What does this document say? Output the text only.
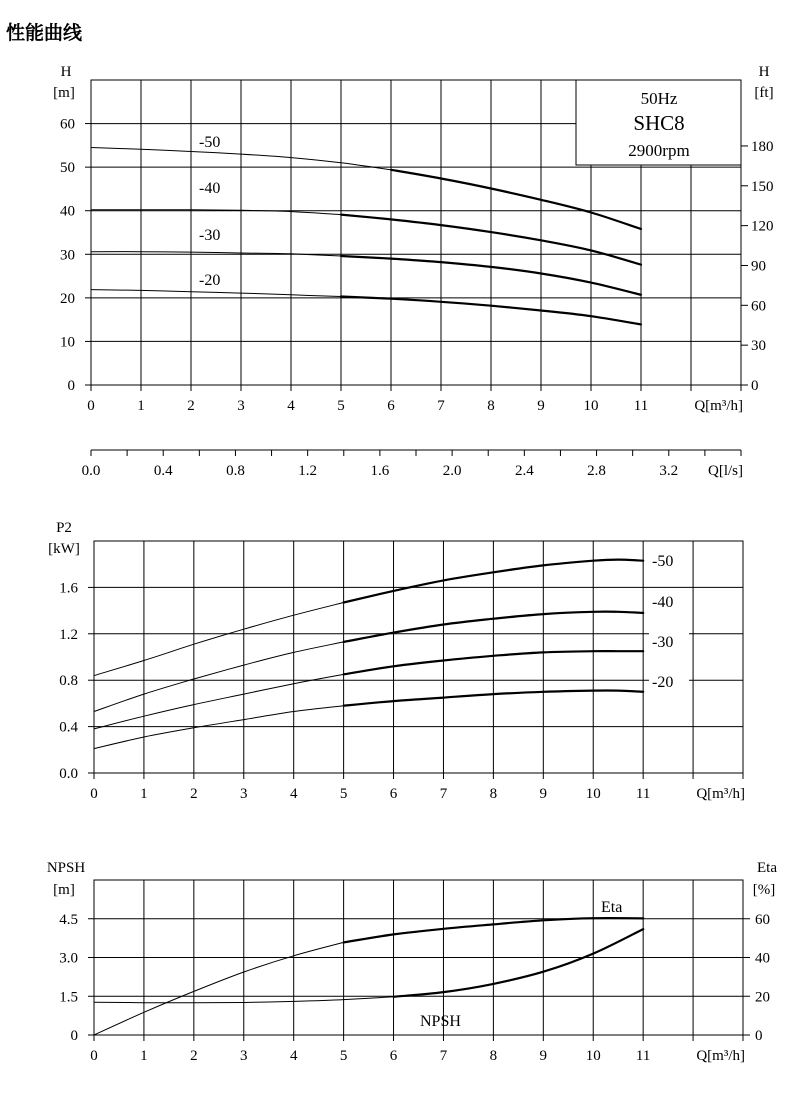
性能曲线
0	1	2	3	4	5	6	7	8	9	10 11	Q[m³/h]
0
10
20
30
40
50
60
H
[m]
0
30
60
90
120
150
180
H
[ft]
50Hz
SHC8
2900rpm
-50
-40
-30
-20
0.0	0.4	0.8	1.2	1.6	2.0	2.4	2.8	3.2 Q[l/s]
0	1	2	3	4	5	6	7	8	9	10 11	Q[m³/h]
0.0
0.4
0.8
1.2
1.6
P2
[kW]
-50
-40
-30
-20
0	1	2	3	4	5	6	7	8	9	10 11	Q[m³/h]
0
1.5
3.0
4.5
NPSH
[m]
0
20
40
60
Eta
[%]
Eta
NPSH
